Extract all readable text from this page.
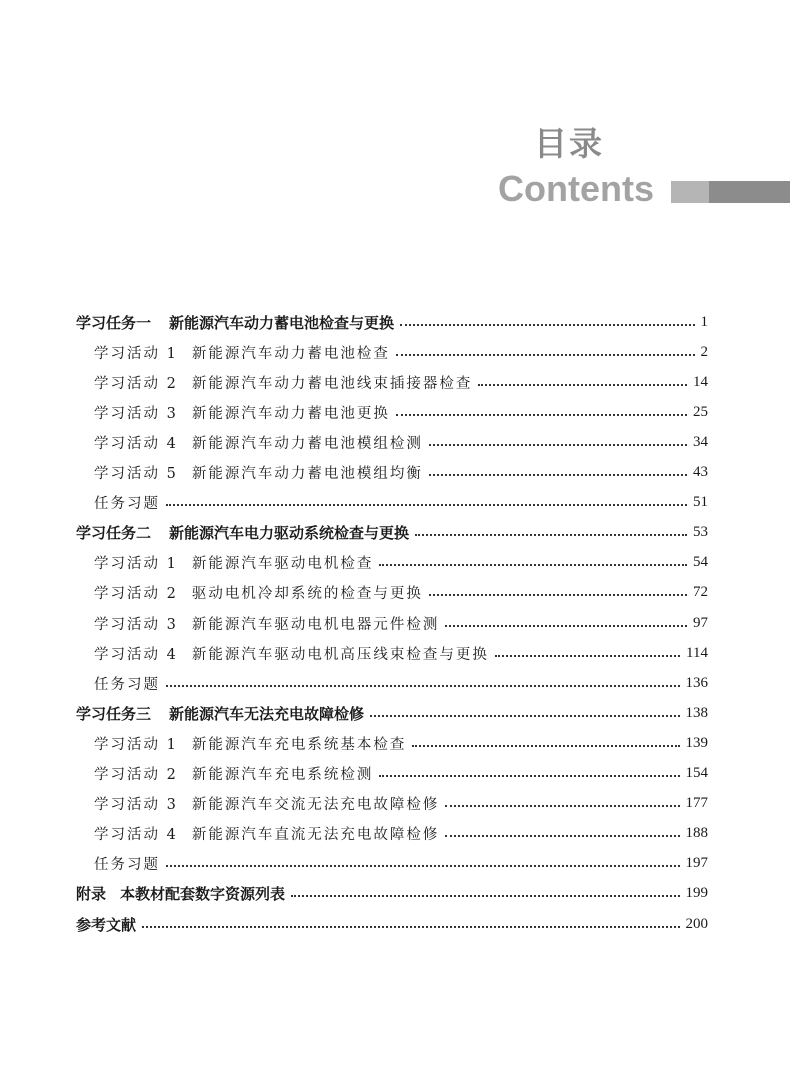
目录
Contents
学习任务一 新能源汽车动力蓄电池检查与更换	1
学习活动 1 新能源汽车动力蓄电池检查	2
学习活动 2 新能源汽车动力蓄电池线束插接器检查	14
学习活动 3 新能源汽车动力蓄电池更换	25
学习活动 4 新能源汽车动力蓄电池模组检测	34
学习活动 5 新能源汽车动力蓄电池模组均衡	43
任务习题	51
学习任务二 新能源汽车电力驱动系统检查与更换	53
学习活动 1 新能源汽车驱动电机检查	54
学习活动 2 驱动电机冷却系统的检查与更换	72
学习活动 3 新能源汽车驱动电机电器元件检测	97
学习活动 4 新能源汽车驱动电机高压线束检查与更换	114
任务习题	136
学习任务三 新能源汽车无法充电故障检修	138
学习活动 1 新能源汽车充电系统基本检查	139
学习活动 2 新能源汽车充电系统检测	154
学习活动 3 新能源汽车交流无法充电故障检修	177
学习活动 4 新能源汽车直流无法充电故障检修	188
任务习题	197
附录 本教材配套数字资源列表	199
参考文献	200
